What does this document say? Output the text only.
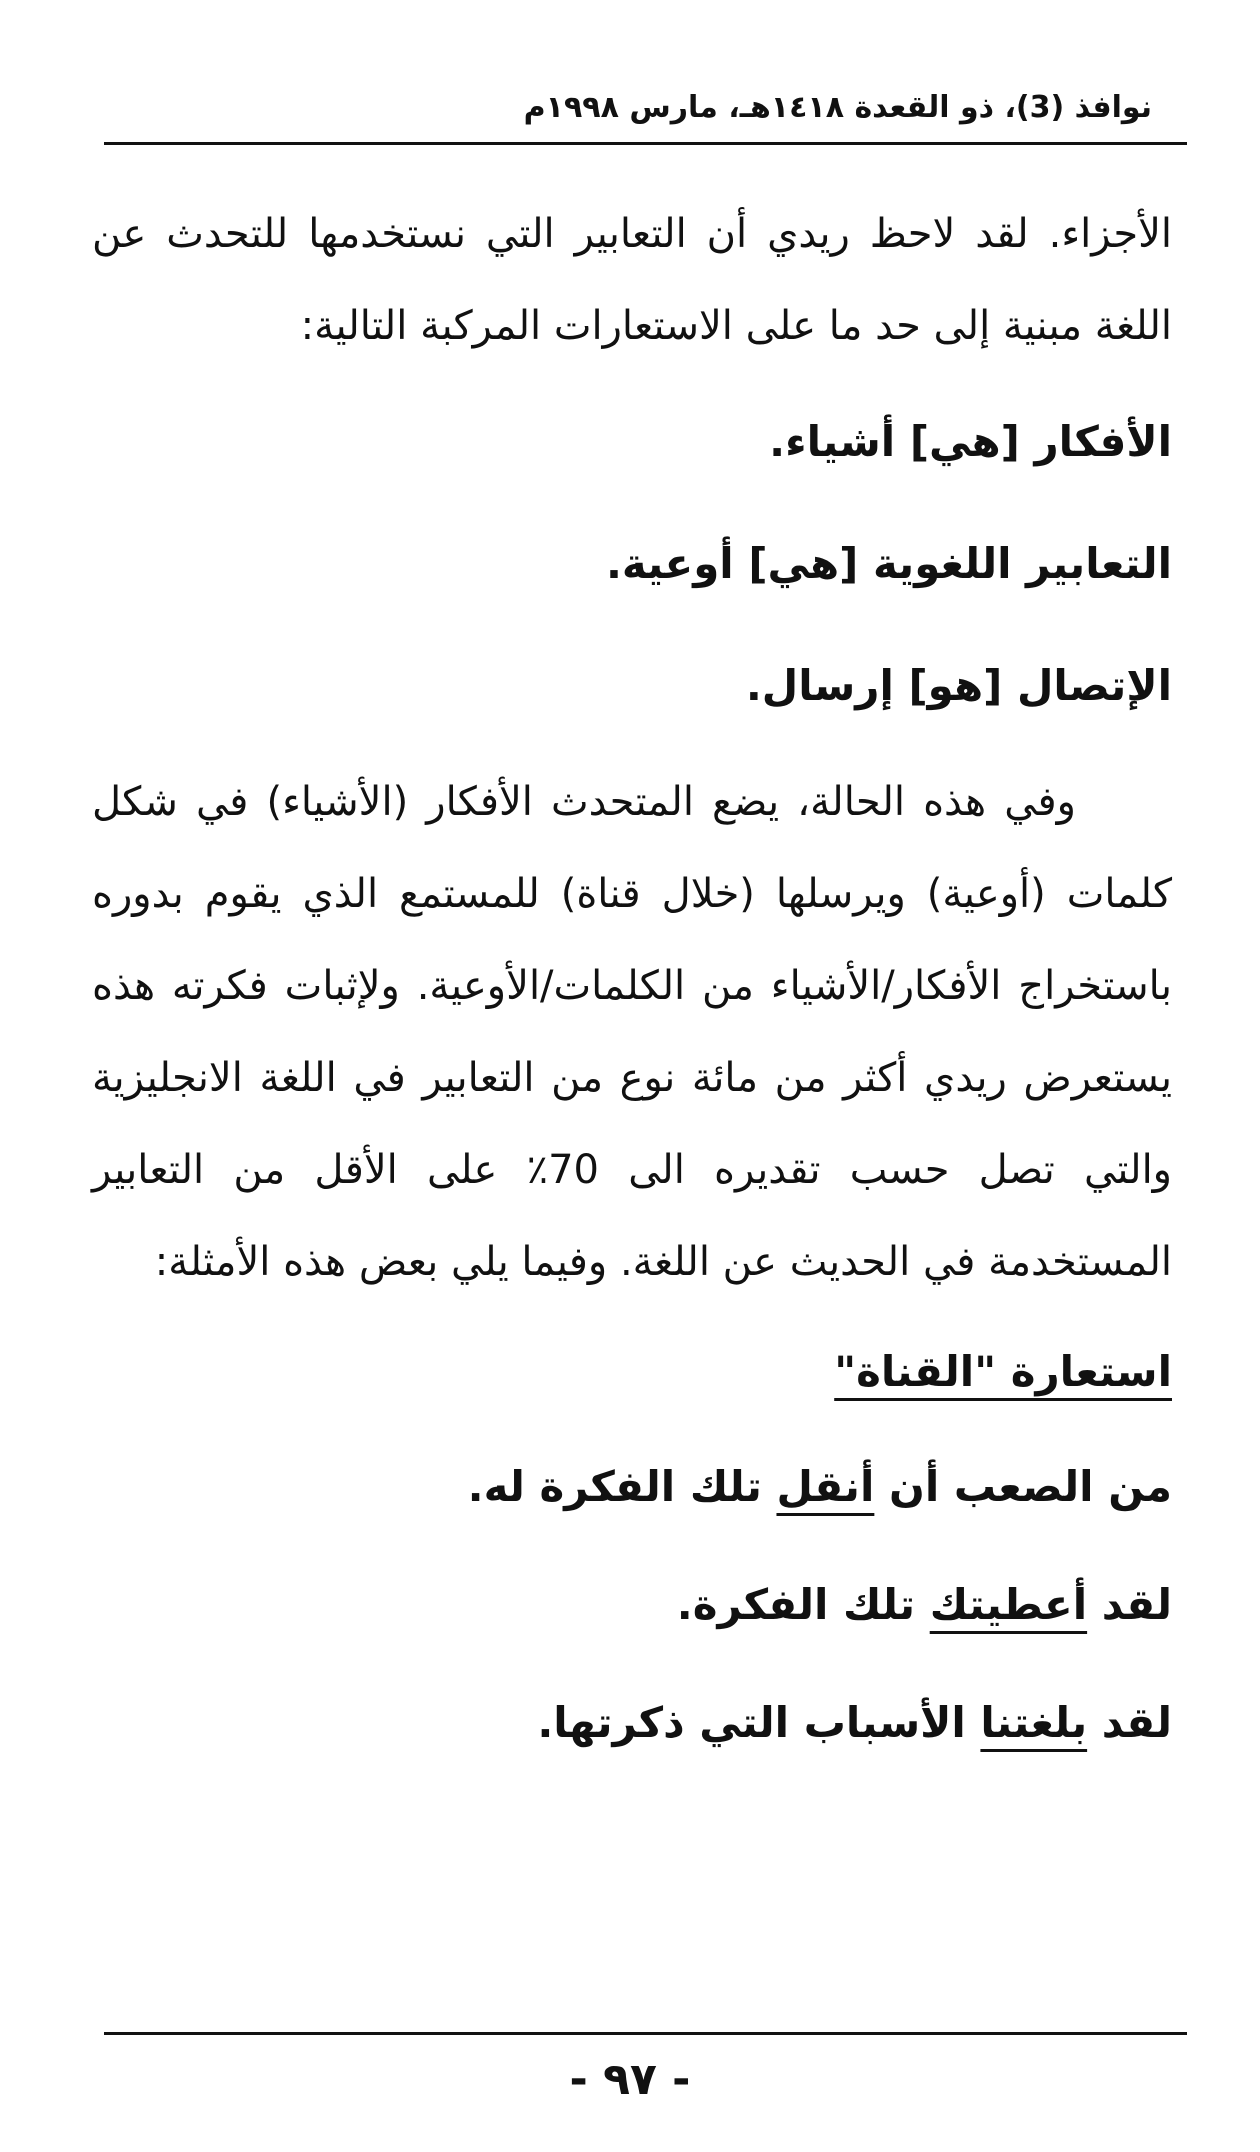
نوافذ (3)، ذو القعدة ١٤١٨هـ، مارس ١٩٩٨م

الأجزاء. لقد لاحظ ريدي أن التعابير التي نستخدمها للتحدث عن اللغة مبنية إلى حد ما على الاستعارات المركبة التالية:

الأفكار [هي] أشياء.

التعابير اللغوية [هي] أوعية.

الإتصال [هو] إرسال.

وفي هذه الحالة، يضع المتحدث الأفكار (الأشياء) في شكل كلمات (أوعية) ويرسلها (خلال قناة) للمستمع الذي يقوم بدوره باستخراج الأفكار/الأشياء من الكلمات/الأوعية. ولإثبات فكرته هذه يستعرض ريدي أكثر من مائة نوع من التعابير في اللغة الانجليزية والتي تصل حسب تقديره الى 70٪ على الأقل من التعابير المستخدمة في الحديث عن اللغة. وفيما يلي بعض هذه الأمثلة:

استعارة "القناة"

من الصعب أن أنقل تلك الفكرة له.

لقد أعطيتك تلك الفكرة.

لقد بلغتنا الأسباب التي ذكرتها.

- ٩٧ -
